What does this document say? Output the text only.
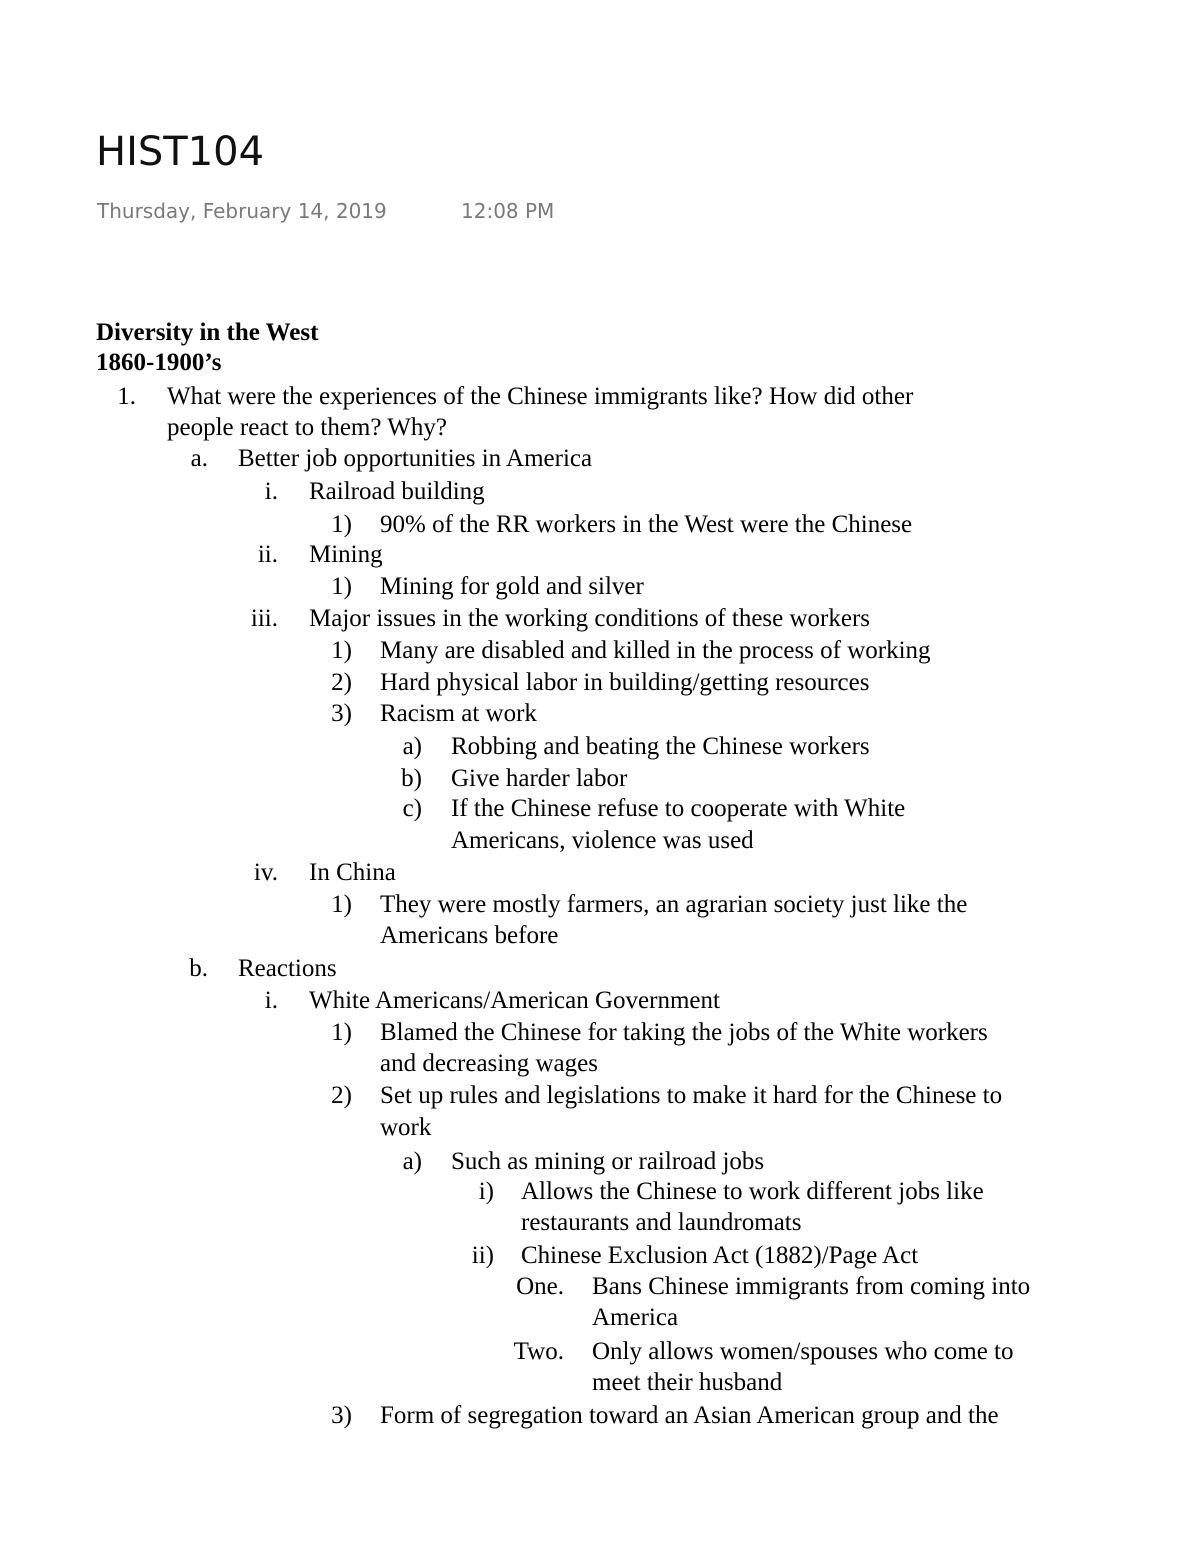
HIST104
Thursday, February 14, 2019	12:08 PM
Diversity in the West
1860-1900’s
1. What were the experiences of the Chinese immigrants like? How did other
people react to them? Why?
a. Better job opportunities in America
i. Railroad building
1) 90% of the RR workers in the West were the Chinese
ii. Mining
1) Mining for gold and silver
iii. Major issues in the working conditions of these workers
1) Many are disabled and killed in the process of working
2) Hard physical labor in building/getting resources
3) Racism at work
a) Robbing and beating the Chinese workers
b) Give harder labor
c) If the Chinese refuse to cooperate with White
Americans, violence was used
iv. In China
1) They were mostly farmers, an agrarian society just like the
Americans before
b. Reactions
i. White Americans/American Government
1) Blamed the Chinese for taking the jobs of the White workers
and decreasing wages
2) Set up rules and legislations to make it hard for the Chinese to
work
a) Such as mining or railroad jobs
i) Allows the Chinese to work different jobs like
restaurants and laundromats
ii) Chinese Exclusion Act (1882)/Page Act
One. Bans Chinese immigrants from coming into
America
Two. Only allows women/spouses who come to
meet their husband
3) Form of segregation toward an Asian American group and the
